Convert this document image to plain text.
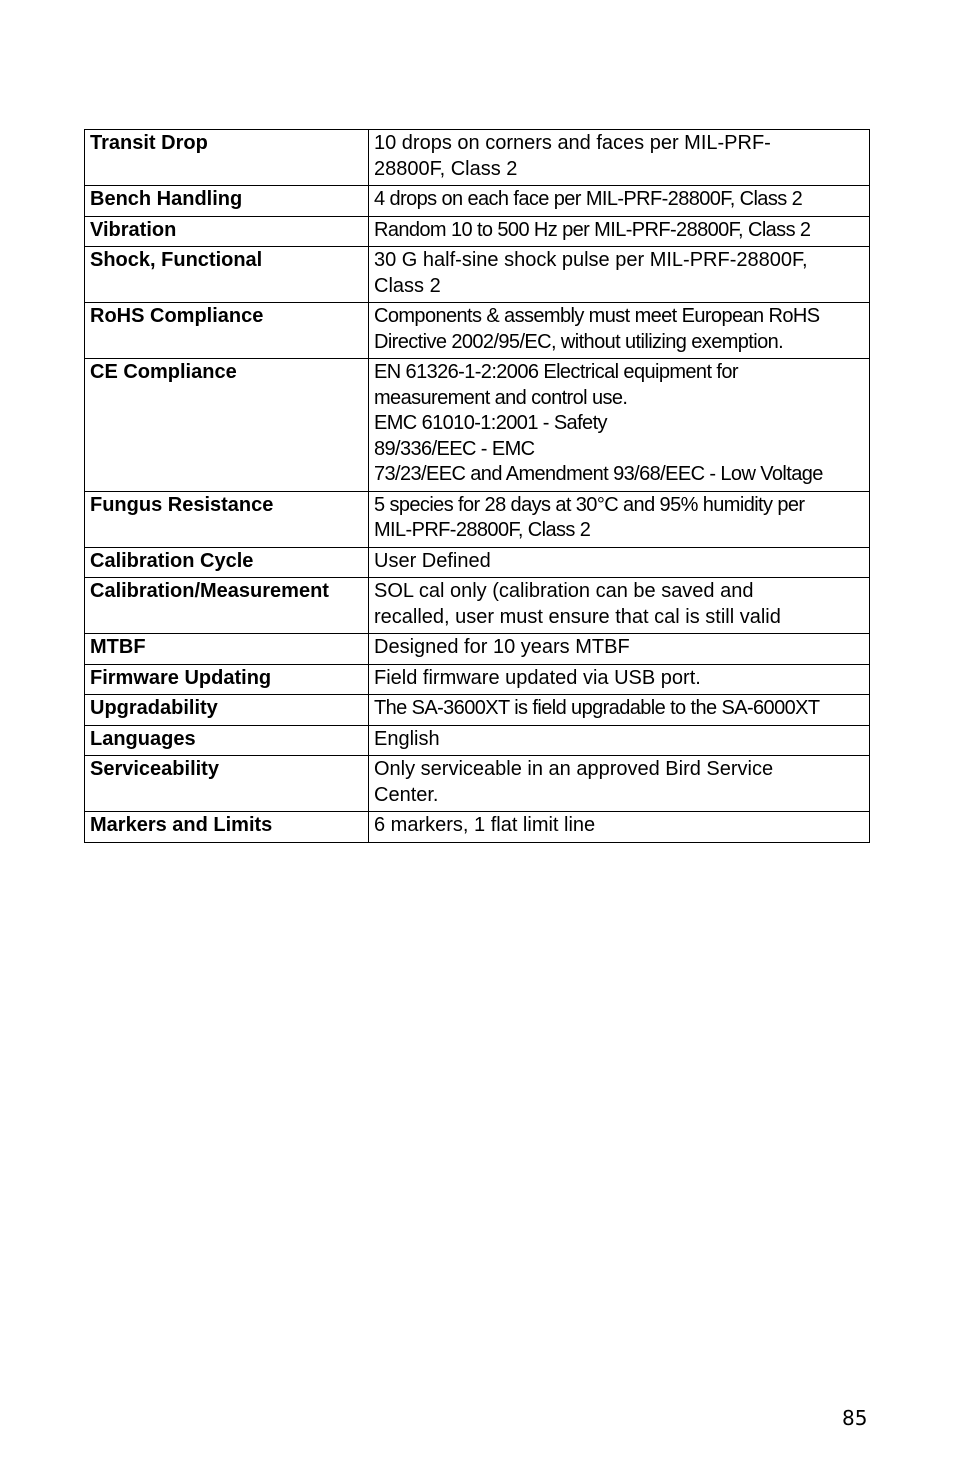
Transit Drop	10 drops on corners and faces per MIL-PRF-
28800F, Class 2

Bench Handling	4 drops on each face per MIL-PRF-28800F, Class 2

Vibration	Random 10 to 500 Hz per MIL-PRF-28800F, Class 2

Shock, Functional	30 G half-sine shock pulse per MIL-PRF-28800F,
Class 2

RoHS Compliance	Components & assembly must meet European RoHS
Directive 2002/95/EC, without utilizing exemption.

CE Compliance	EN 61326-1-2:2006 Electrical equipment for
measurement and control use.
EMC 61010-1:2001 - Safety
89/336/EEC - EMC
73/23/EEC and Amendment 93/68/EEC - Low Voltage

Fungus Resistance	5 species for 28 days at 30°C and 95% humidity per
MIL-PRF-28800F, Class 2

Calibration Cycle	User Defined

Calibration/Measurement	SOL cal only (calibration can be saved and
recalled, user must ensure that cal is still valid

MTBF	Designed for 10 years MTBF

Firmware Updating	Field firmware updated via USB port.

Upgradability	The SA-3600XT is field upgradable to the SA-6000XT

Languages	English

Serviceability	Only serviceable in an approved Bird Service
Center.

Markers and Limits	6 markers, 1 flat limit line
85
